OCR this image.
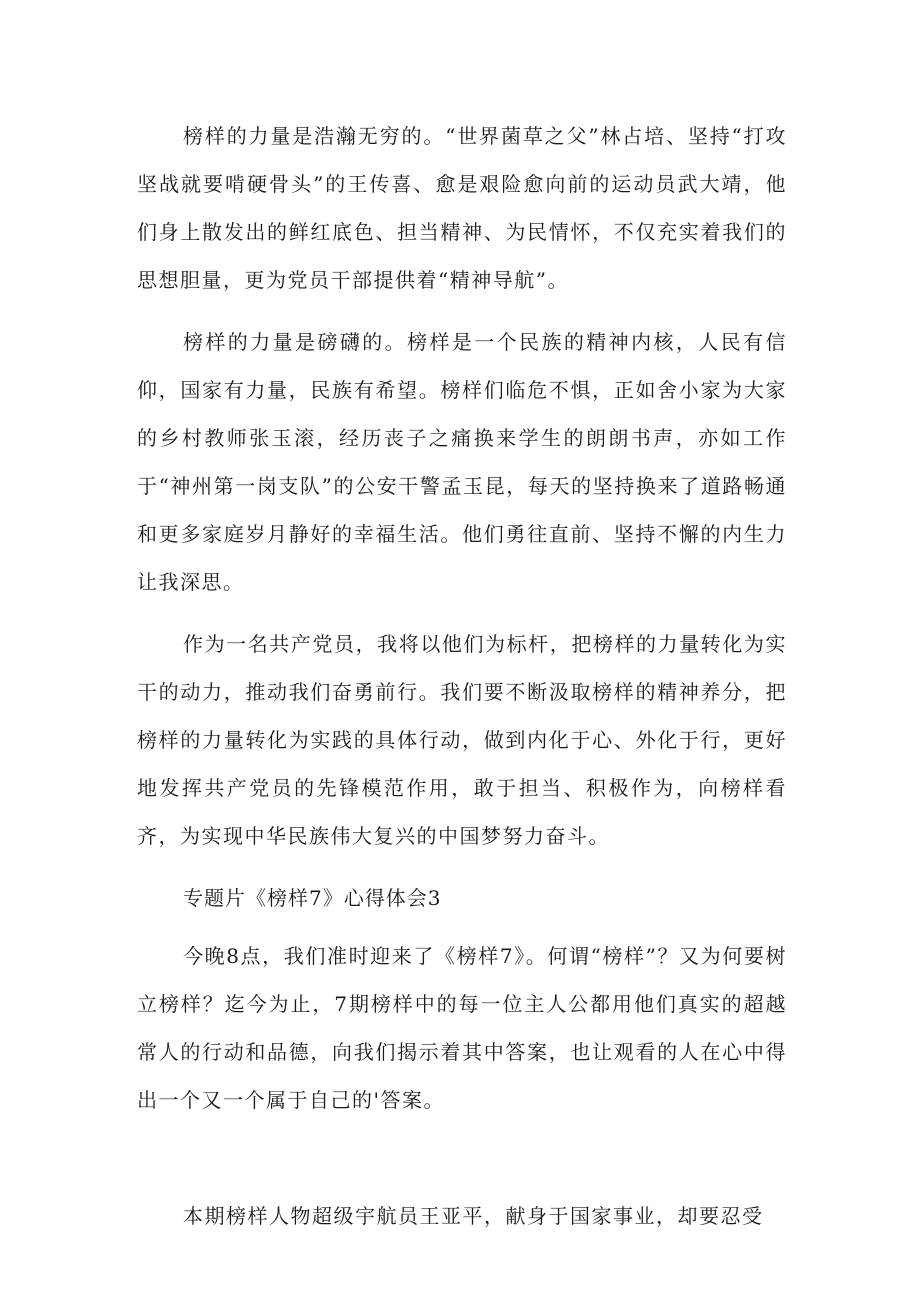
榜样的力量是浩瀚无穷的。“世界菌草之父”林占培、坚持“打攻坚战就要啃硬骨头”的王传喜、愈是艰险愈向前的运动员武大靖，他们身上散发出的鲜红底色、担当精神、为民情怀，不仅充实着我们的思想胆量，更为党员干部提供着“精神导航”。

榜样的力量是磅礴的。榜样是一个民族的精神内核，人民有信仰，国家有力量，民族有希望。榜样们临危不惧，正如舍小家为大家的乡村教师张玉滚，经历丧子之痛换来学生的朗朗书声，亦如工作于“神州第一岗支队”的公安干警孟玉昆，每天的坚持换来了道路畅通和更多家庭岁月静好的幸福生活。他们勇往直前、坚持不懈的内生力让我深思。

作为一名共产党员，我将以他们为标杆，把榜样的力量转化为实干的动力，推动我们奋勇前行。我们要不断汲取榜样的精神养分，把榜样的力量转化为实践的具体行动，做到内化于心、外化于行，更好地发挥共产党员的先锋模范作用，敢于担当、积极作为，向榜样看齐，为实现中华民族伟大复兴的中国梦努力奋斗。

专题片《榜样7》心得体会3

今晚8点，我们准时迎来了《榜样7》。何谓“榜样”？又为何要树立榜样？迄今为止，7期榜样中的每一位主人公都用他们真实的超越常人的行动和品德，向我们揭示着其中答案，也让观看的人在心中得出一个又一个属于自己的'答案。

本期榜样人物超级宇航员王亚平，献身于国家事业，却要忍受
